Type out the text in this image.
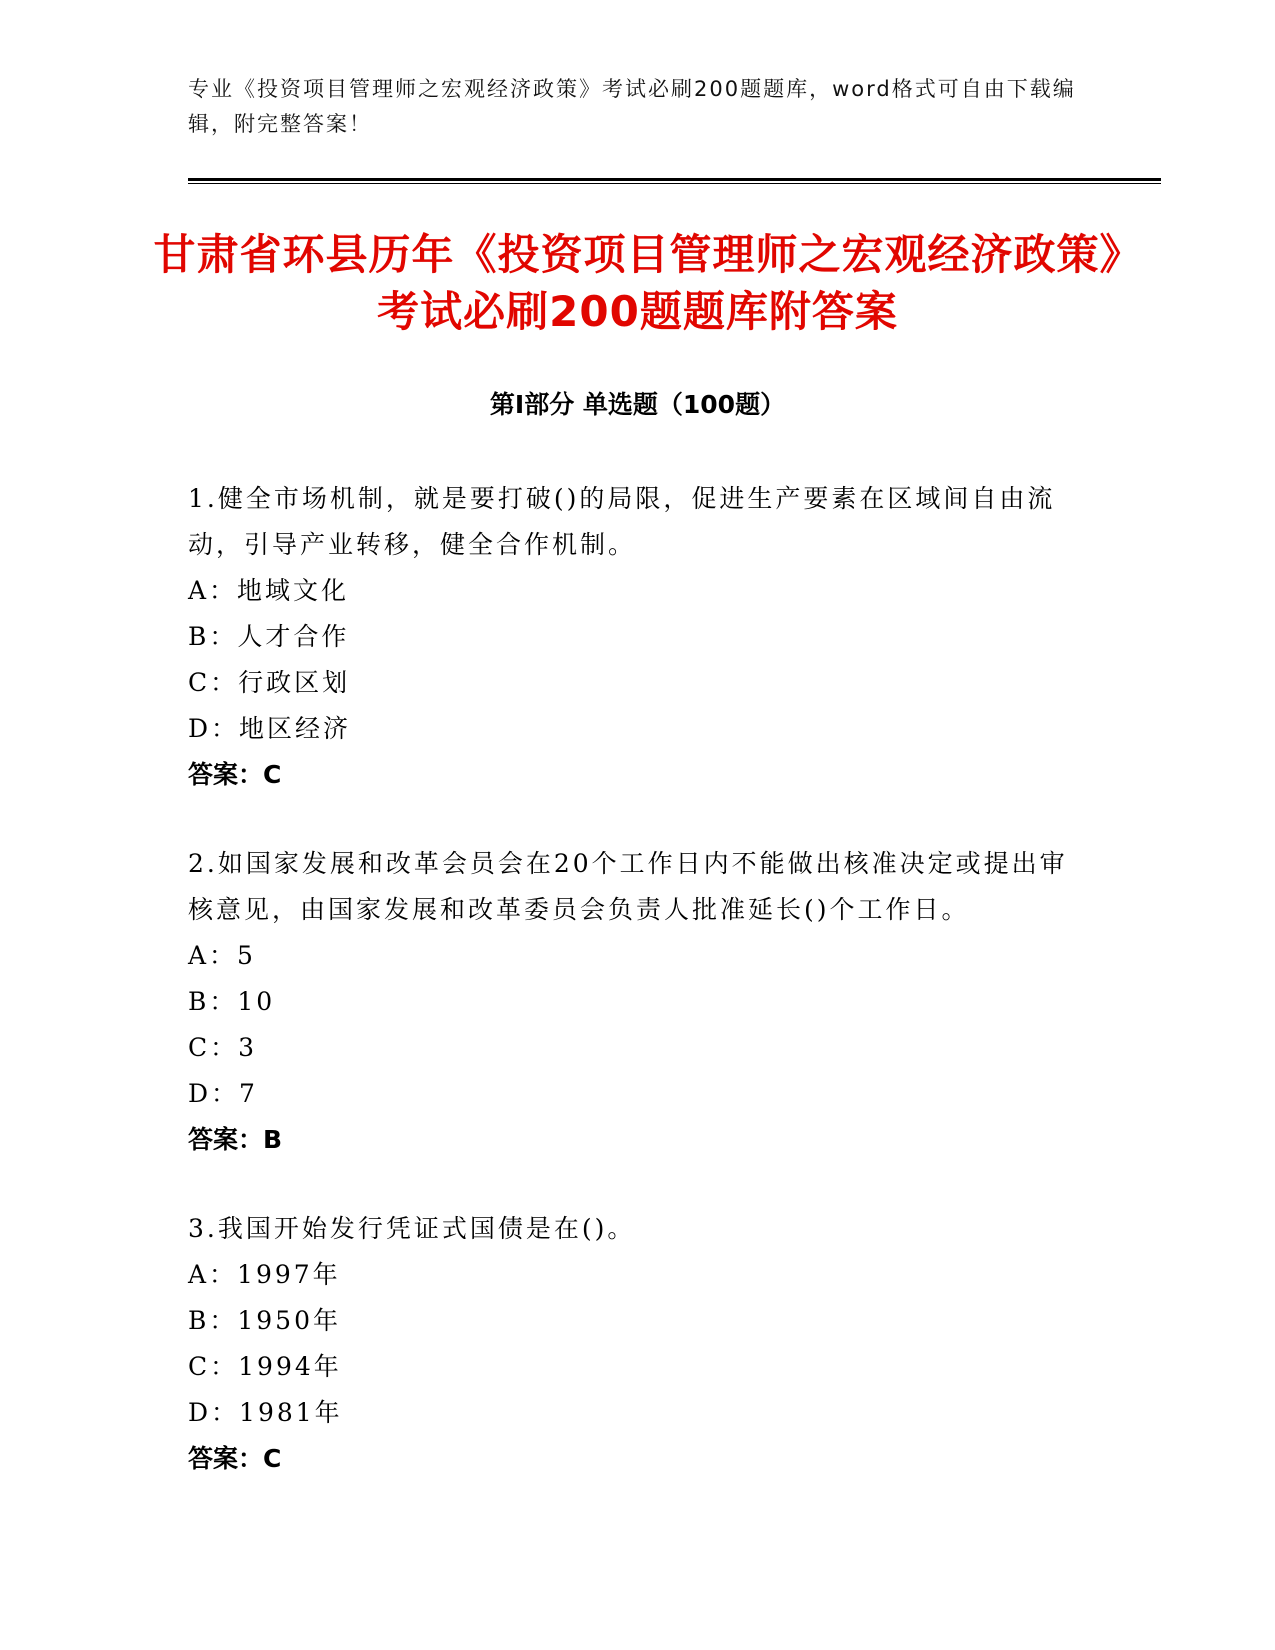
专业《投资项目管理师之宏观经济政策》考试必刷200题题库，word格式可自由下载编辑，附完整答案！
甘肃省环县历年《投资项目管理师之宏观经济政策》考试必刷200题题库附答案
第I部分 单选题（100题）

1.健全市场机制，就是要打破()的局限，促进生产要素在区域间自由流动，引导产业转移，健全合作机制。

A：地域文化

B：人才合作

C：行政区划

D：地区经济

答案：C

2.如国家发展和改革会员会在20个工作日内不能做出核准决定或提出审核意见，由国家发展和改革委员会负责人批准延长()个工作日。

A：5

B：10

C：3

D：7

答案：B

3.我国开始发行凭证式国债是在()。

A：1997年

B：1950年

C：1994年

D：1981年

答案：C
